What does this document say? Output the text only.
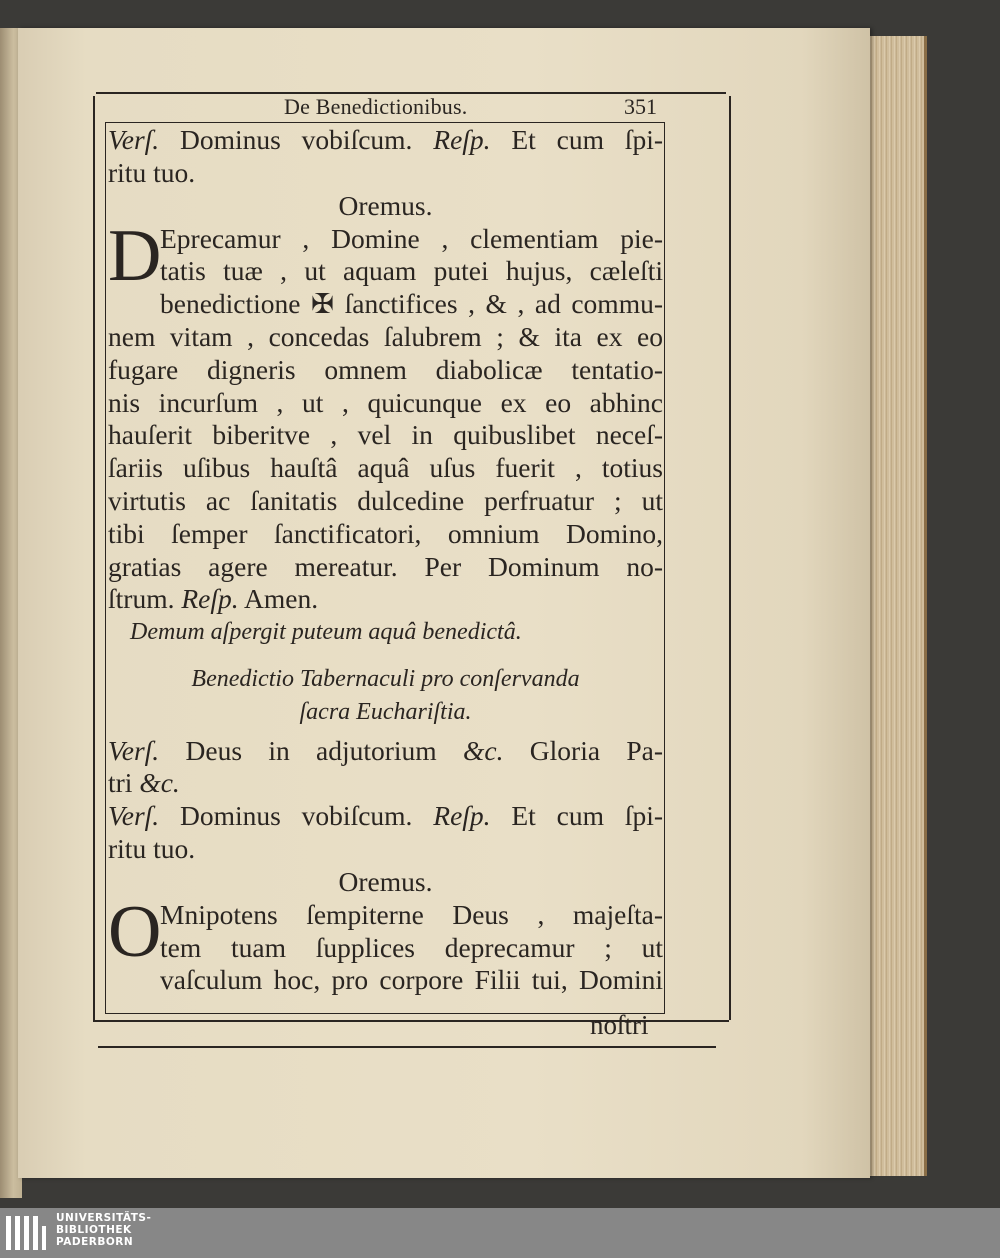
De Benedictionibus.	351
Verſ. Dominus vobiſcum. Reſp. Et cum ſpi-
ritu tuo.
Oremus.
D
Eprecamur , Domine , clementiam pie-
tatis tuæ , ut aquam putei hujus, cæleſti
benedictione ✠ ſanctifices , & , ad commu-
nem vitam , concedas ſalubrem ; & ita ex eo
fugare digneris omnem diabolicæ tentatio-
nis incurſum , ut , quicunque ex eo abhinc
hauſerit biberitve , vel in quibuslibet neceſ-
ſariis uſibus hauſtâ aquâ uſus fuerit , totius
virtutis ac ſanitatis dulcedine perfruatur ; ut
tibi ſemper ſanctificatori, omnium Domino,
gratias agere mereatur. Per Dominum no-
ſtrum. Reſp. Amen.
Demum aſpergit puteum aquâ benedictâ.
Benedictio Tabernaculi pro conſervanda
ſacra Euchariſtia.
Verſ. Deus in adjutorium &c. Gloria Pa-
tri &c.
Verſ. Dominus vobiſcum. Reſp. Et cum ſpi-
ritu tuo.
Oremus.
O
Mnipotens ſempiterne Deus , majeſta-
tem tuam ſupplices deprecamur ; ut
vaſculum hoc, pro corpore Filii tui, Domini
noſtri
UNIVERSITÄTS-
BIBLIOTHEK
PADERBORN
